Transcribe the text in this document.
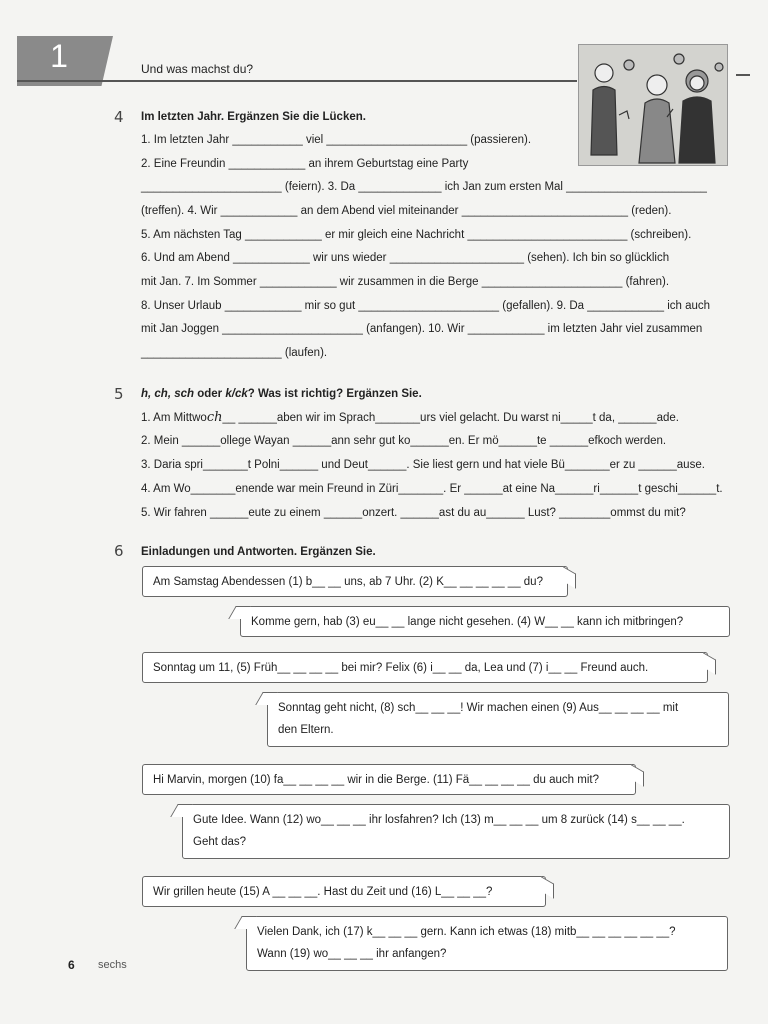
1	Und was machst du?
4 Im letzten Jahr. Ergänzen Sie die Lücken.
1. Im letzten Jahr ___________ viel ______________________ (passieren).
2. Eine Freundin ____________ an ihrem Geburtstag eine Party
______________________ (feiern). 3. Da _____________ ich Jan zum ersten Mal ______________________
(treffen). 4. Wir ____________ an dem Abend viel miteinander __________________________ (reden).
5. Am nächsten Tag ____________ er mir gleich eine Nachricht _________________________ (schreiben).
6. Und am Abend ____________ wir uns wieder _____________________ (sehen). Ich bin so glücklich
mit Jan. 7. Im Sommer ____________ wir zusammen in die Berge ______________________ (fahren).
8. Unser Urlaub ____________ mir so gut ______________________ (gefallen). 9. Da ____________ ich auch
mit Jan Joggen ______________________ (anfangen). 10. Wir ____________ im letzten Jahr viel zusammen
______________________ (laufen).
5 h, ch, sch oder k/ck? Was ist richtig? Ergänzen Sie.
1. Am Mittwoch__ ______aben wir im Sprach_______urs viel gelacht. Du warst ni_____t da, ______ade.
2. Mein ______ollege Wayan ______ann sehr gut ko______en. Er mö______te ______efkoch werden.
3. Daria spri_______t Polni______ und Deut______. Sie liest gern und hat viele Bü_______er zu ______ause.
4. Am Wo_______enende war mein Freund in Züri_______. Er ______at eine Na______ri______t geschi______t.
5. Wir fahren ______eute zu einem ______onzert. ______ast du au______ Lust? ________ommst du mit?
6 Einladungen und Antworten. Ergänzen Sie.
Am Samstag Abendessen (1) b__ __ uns, ab 7 Uhr. (2) K__ __ __ __ __ du?
Komme gern, hab (3) eu__ __ lange nicht gesehen. (4) W__ __ kann ich mitbringen?
Sonntag um 11, (5) Früh__ __ __ __ bei mir? Felix (6) i__ __ da, Lea und (7) i__ __ Freund auch.
Sonntag geht nicht, (8) sch__ __ __! Wir machen einen (9) Aus__ __ __ __ mit
den Eltern.
Hi Marvin, morgen (10) fa__ __ __ __ wir in die Berge. (11) Fä__ __ __ __ du auch mit?
Gute Idee. Wann (12) wo__ __ __ ihr losfahren? Ich (13) m__ __ __ um 8 zurück (14) s__ __ __.
Geht das?
Wir grillen heute (15) A __ __ __. Hast du Zeit und (16) L__ __ __?
Vielen Dank, ich (17) k__ __ __ gern. Kann ich etwas (18) mitb__ __ __ __ __ __?
Wann (19) wo__ __ __ ihr anfangen?
6 sechs
